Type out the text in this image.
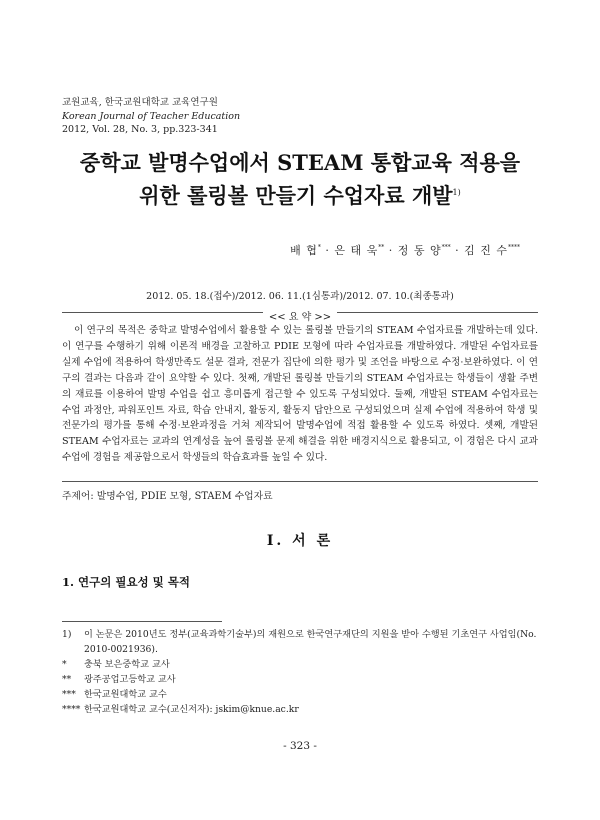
교원교육, 한국교원대학교 교육연구원
Korean Journal of Teacher Education
2012, Vol. 28, No. 3, pp.323-341
중학교 발명수업에서 STEAM 통합교육 적용을
위한 롤링볼 만들기 수업자료 개발$^{1)}$
배 협* · 은 태 욱** · 정 동 양*** · 김 진 수****
2012. 05. 18.(접수)/2012. 06. 11.(1심통과)/2012. 07. 10.(최종통과)
<< 요 약 >>

이 연구의 목적은 중학교 발명수업에서 활용할 수 있는 롤링볼 만들기의 STEAM 수업자료를 개발하는데 있다. 이 연구를 수행하기 위해 이론적 배경을 고찰하고 PDIE 모형에 따라 수업자료를 개발하였다. 개발된 수업자료를 실제 수업에 적용하여 학생만족도 설문 결과, 전문가 집단에 의한 평가 및 조언을 바탕으로 수정·보완하였다. 이 연구의 결과는 다음과 같이 요약할 수 있다. 첫째, 개발된 롤링볼 만들기의 STEAM 수업자료는 학생들이 생활 주변의 재료를 이용하여 발명 수업을 쉽고 흥미롭게 접근할 수 있도록 구성되었다. 둘째, 개발된 STEAM 수업자료는 수업 과정안, 파워포인트 자료, 학습 안내지, 활동지, 활동지 답안으로 구성되었으며 실제 수업에 적용하여 학생 및 전문가의 평가를 통해 수정·보완과정을 거쳐 제작되어 발명수업에 적접 활용할 수 있도록 하였다. 셋째, 개발된 STEAM 수업자료는 교과의 연계성을 높여 롤링볼 문제 해결을 위한 배경지식으로 활용되고, 이 경험은 다시 교과 수업에 경험을 제공함으로서 학생들의 학습효과를 높일 수 있다.

주제어: 발명수업, PDIE 모형, STAEM 수업자료
Ⅰ. 서 론
1. 연구의 필요성 및 목적
1)	이 논문은 2010년도 정부(교육과학기술부)의 재원으로 한국연구재단의 지원을 받아 수행된 기초연구 사업임(No. 2010-0021936).
*	충북 보은중학교 교사
**	광주공업고등학교 교사
*** 한국교원대학교 교수
**** 한국교원대학교 교수(교신저자): jskim@knue.ac.kr
- 323 -
